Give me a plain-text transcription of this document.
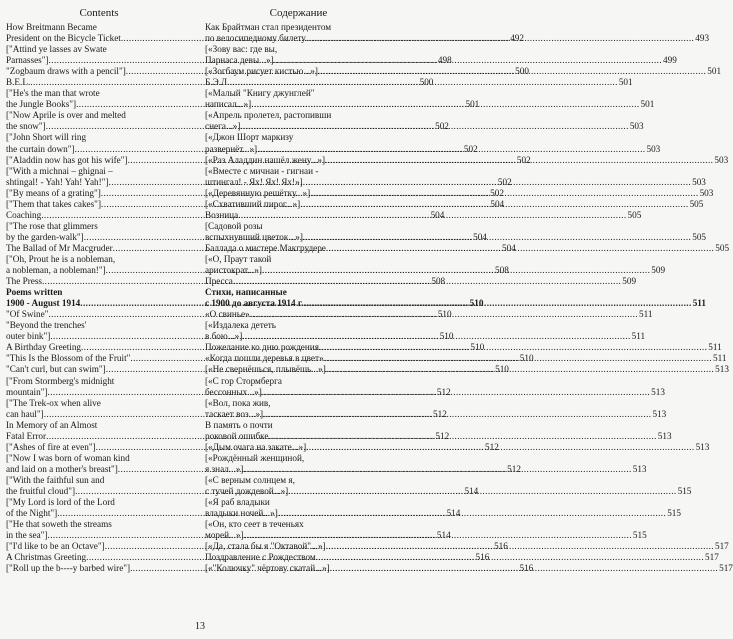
Contents
How Breitmann Became
President on the Bicycle Ticket .....	492
["Attind ye lasses av Swate
Parnasses"] .....	498
"Zogbaum draws with a pencil"] .....	500
B.E.L. .....	500
["He's the man that wrote
the Jungle Books"] .....	501
["Now Aprile is over and melted
the snow"] .....	502
["John Short will ring
the curtain down"] .....	502
["Aladdin now has got his wife"] .....	502
["With a michnai – ghignai –
shtingal! - Yah! Yah! Yah!"] .....	502
["By means of a grating"] .....	502
["Them that takes cakes"] .....	504
Coaching .....	504
["The rose that glimmers
by the garden-walk"] .....	504
The Ballad of Mr Macgruder .....	504
["Oh, Prout he is a nobleman,
a nobleman, a nobleman!"] .....	508
The Press .....	508
Poems written
1900 - August 1914 .....	510
"Of Swine" .....	510
"Beyond the trenches'
outer bink"] .....	510
A Birthday Greeting .....	510
"This Is the Blossom of the Fruit" .....	510
"Can't curl, but can swim"] .....	510
["From Stormberg's midnight
mountain"] .....	512
["The Trek-ox when alive
can haul"] .....	512
In Memory of an Almost
Fatal Error .....	512
["Ashes of fire at even"] .....	512
["Now I was born of woman kind
and laid on a mother's breast"] .....	512
["With the faithful sun and
the fruitful cloud"] .....	514
["My Lord is lord of the Lord
of the Night"] .....	514
["He that soweth the streams
in the sea"] .....	514
["I'd like to be an Octave"] .....	516
A Christmas Greeting .....	516
["Roll up the b----y barbed wire"] .....	516
Содержание
Как Брайтман стал президентом
по велосипедному билету .....	493
[«Зову вас: где вы,
Парнаса девы...»] .....	499
[«Зогбаум рисует кистью...»] .....	501
Б.Э.Л. .....	501
[«Малый "Книгу джунглей"
написал...»] .....	501
[«Апрель пролетел, растопивши
снега...»] .....	503
[«Джон Шорт маркизу
развернёт...»] .....	503
[«Раз Аладдин нашёл жену...»] .....	503
[«Вместе с мичнаи - гигнаи -
штингал! - Ях! Ях! Ях!»] .....	503
[«Деревянную решётку...»] .....	503
[«Схвативший пирог...»] .....	505
Возница .....	505
[Садовой розы
вспыхнувший цветок...»] .....	505
Баллада о мистере Макгрудере .....	505
[«О, Праут такой
аристократ...»] .....	509
Пресса .....	509
Стихи, написанные
с 1900 до августа 1914 г. .....	511
«О свинье» .....	511
[«Издалека дететь
в бою...»] .....	511
Пожелание ко дню рождения .....	511
«Когда пошли деревья в цвет» .....	511
[«Не свернёшься, плывёшь...»] .....	513
[«С гор Стормберга
бессонных...»] .....	513
[«Вол, пока жив,
таскает воз...»] .....	513
В память о почти
роковой ошибке .....	513
[«Дым очага на закате...»] .....	513
[«Рождённый женщиной,
я знал...»] .....	513
[«С верным солнцем я,
с тучей дождевой...»] .....	515
[«Я раб владыки
владыки ночей...»] .....	515
[«Он, кто сеет в теченьях
морей...»] .....	515
[«Да, стала бы я "Октавой"...»] .....	517
Поздравление с Рождеством .....	517
[«"Колючку" чёртову скатай...»] .....	517
13
